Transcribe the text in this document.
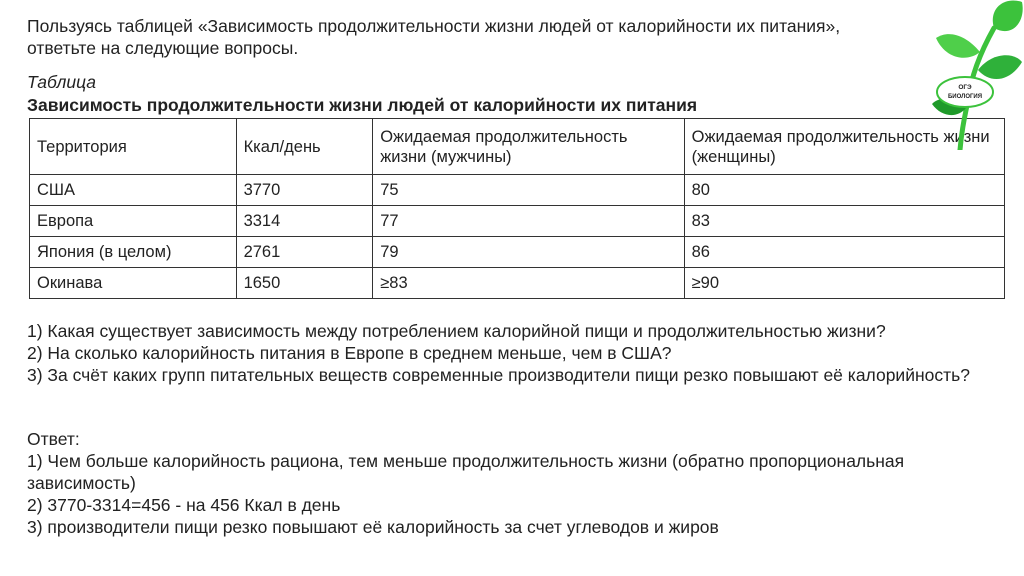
Пользуясь таблицей «Зависимость продолжительности жизни людей от калорийности их питания», ответьте на следующие вопросы.
Таблица
Зависимость продолжительности жизни людей от калорийности их питания
Территория	Ккал/день	Ожидаемая продолжительность жизни (мужчины)	Ожидаемая продолжительность жизни (женщины)
США	3770	75	80
Европа	3314	77	83
Япония (в целом)	2761	79	86
Окинава	1650	≥83	≥90
1) Какая существует зависимость между потреблением калорийной пищи и продолжительностью жизни?
2) На сколько калорийность питания в Европе в среднем меньше, чем в США?
3) За счёт каких групп питательных веществ современные производители пищи резко повышают её калорийность?
Ответ:
1) Чем больше калорийность рациона, тем меньше продолжительность жизни (обратно пропорциональная зависимость)
2) 3770-3314=456 - на 456 Ккал в день
3) производители пищи резко повышают её калорийность за счет углеводов и жиров
ОГЭ
БИОЛОГИЯ
